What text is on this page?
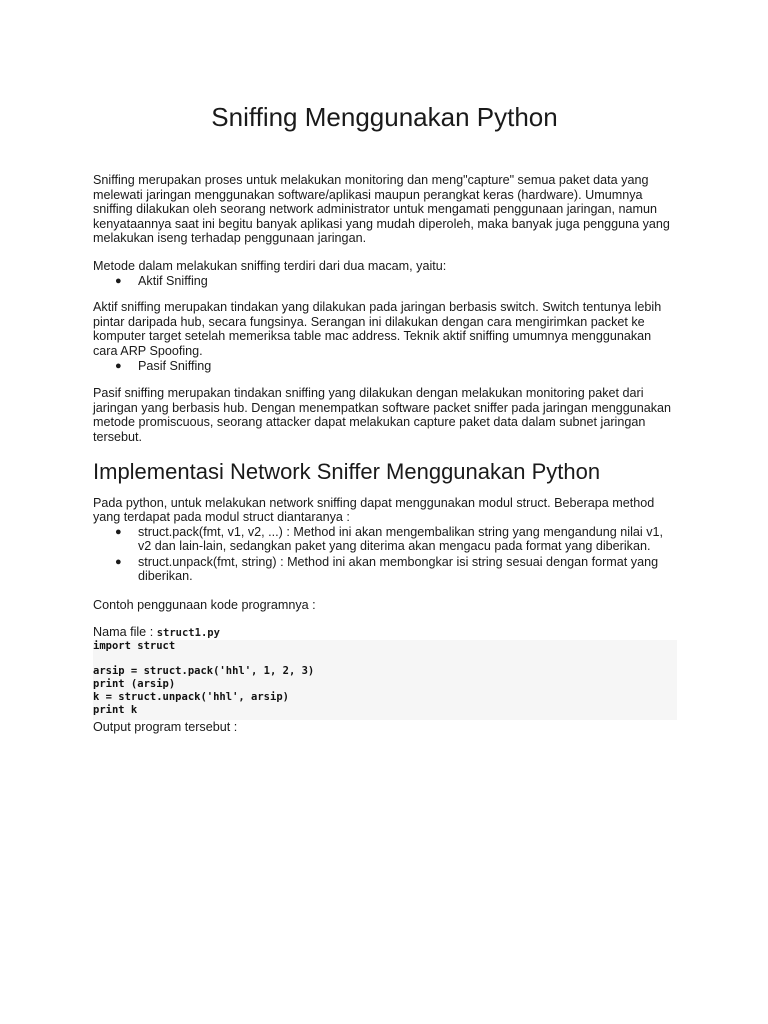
Sniffing Menggunakan Python

Sniffing merupakan proses untuk melakukan monitoring dan meng"capture" semua paket data yang melewati jaringan menggunakan software/aplikasi maupun perangkat keras (hardware). Umumnya sniffing dilakukan oleh seorang network administrator untuk mengamati penggunaan jaringan, namun kenyataannya saat ini begitu banyak aplikasi yang mudah diperoleh, maka banyak juga pengguna yang melakukan iseng terhadap penggunaan jaringan.

Metode dalam melakukan sniffing terdiri dari dua macam, yaitu:

● Aktif Sniffing

Aktif sniffing merupakan tindakan yang dilakukan pada jaringan berbasis switch. Switch tentunya lebih pintar daripada hub, secara fungsinya. Serangan ini dilakukan dengan cara mengirimkan packet ke komputer target setelah memeriksa table mac address. Teknik aktif sniffing umumnya menggunakan cara ARP Spoofing.

● Pasif Sniffing

Pasif sniffing merupakan tindakan sniffing yang dilakukan dengan melakukan monitoring paket dari jaringan yang berbasis hub. Dengan menempatkan software packet sniffer pada jaringan menggunakan metode promiscuous, seorang attacker dapat melakukan capture paket data dalam subnet jaringan tersebut.

Implementasi Network Sniffer Menggunakan Python

Pada python, untuk melakukan network sniffing dapat menggunakan modul struct. Beberapa method yang terdapat pada modul struct diantaranya :

● struct.pack(fmt, v1, v2, ...) : Method ini akan mengembalikan string yang mengandung nilai v1, v2 dan lain-lain, sedangkan paket yang diterima akan mengacu pada format yang diberikan.
● struct.unpack(fmt, string) : Method ini akan membongkar isi string sesuai dengan format yang diberikan.

Contoh penggunaan kode programnya :

Nama file : struct1.py
import struct
arsip = struct.pack('hhl', 1, 2, 3)
print (arsip)
k = struct.unpack('hhl', arsip)
print k

Output program tersebut :
